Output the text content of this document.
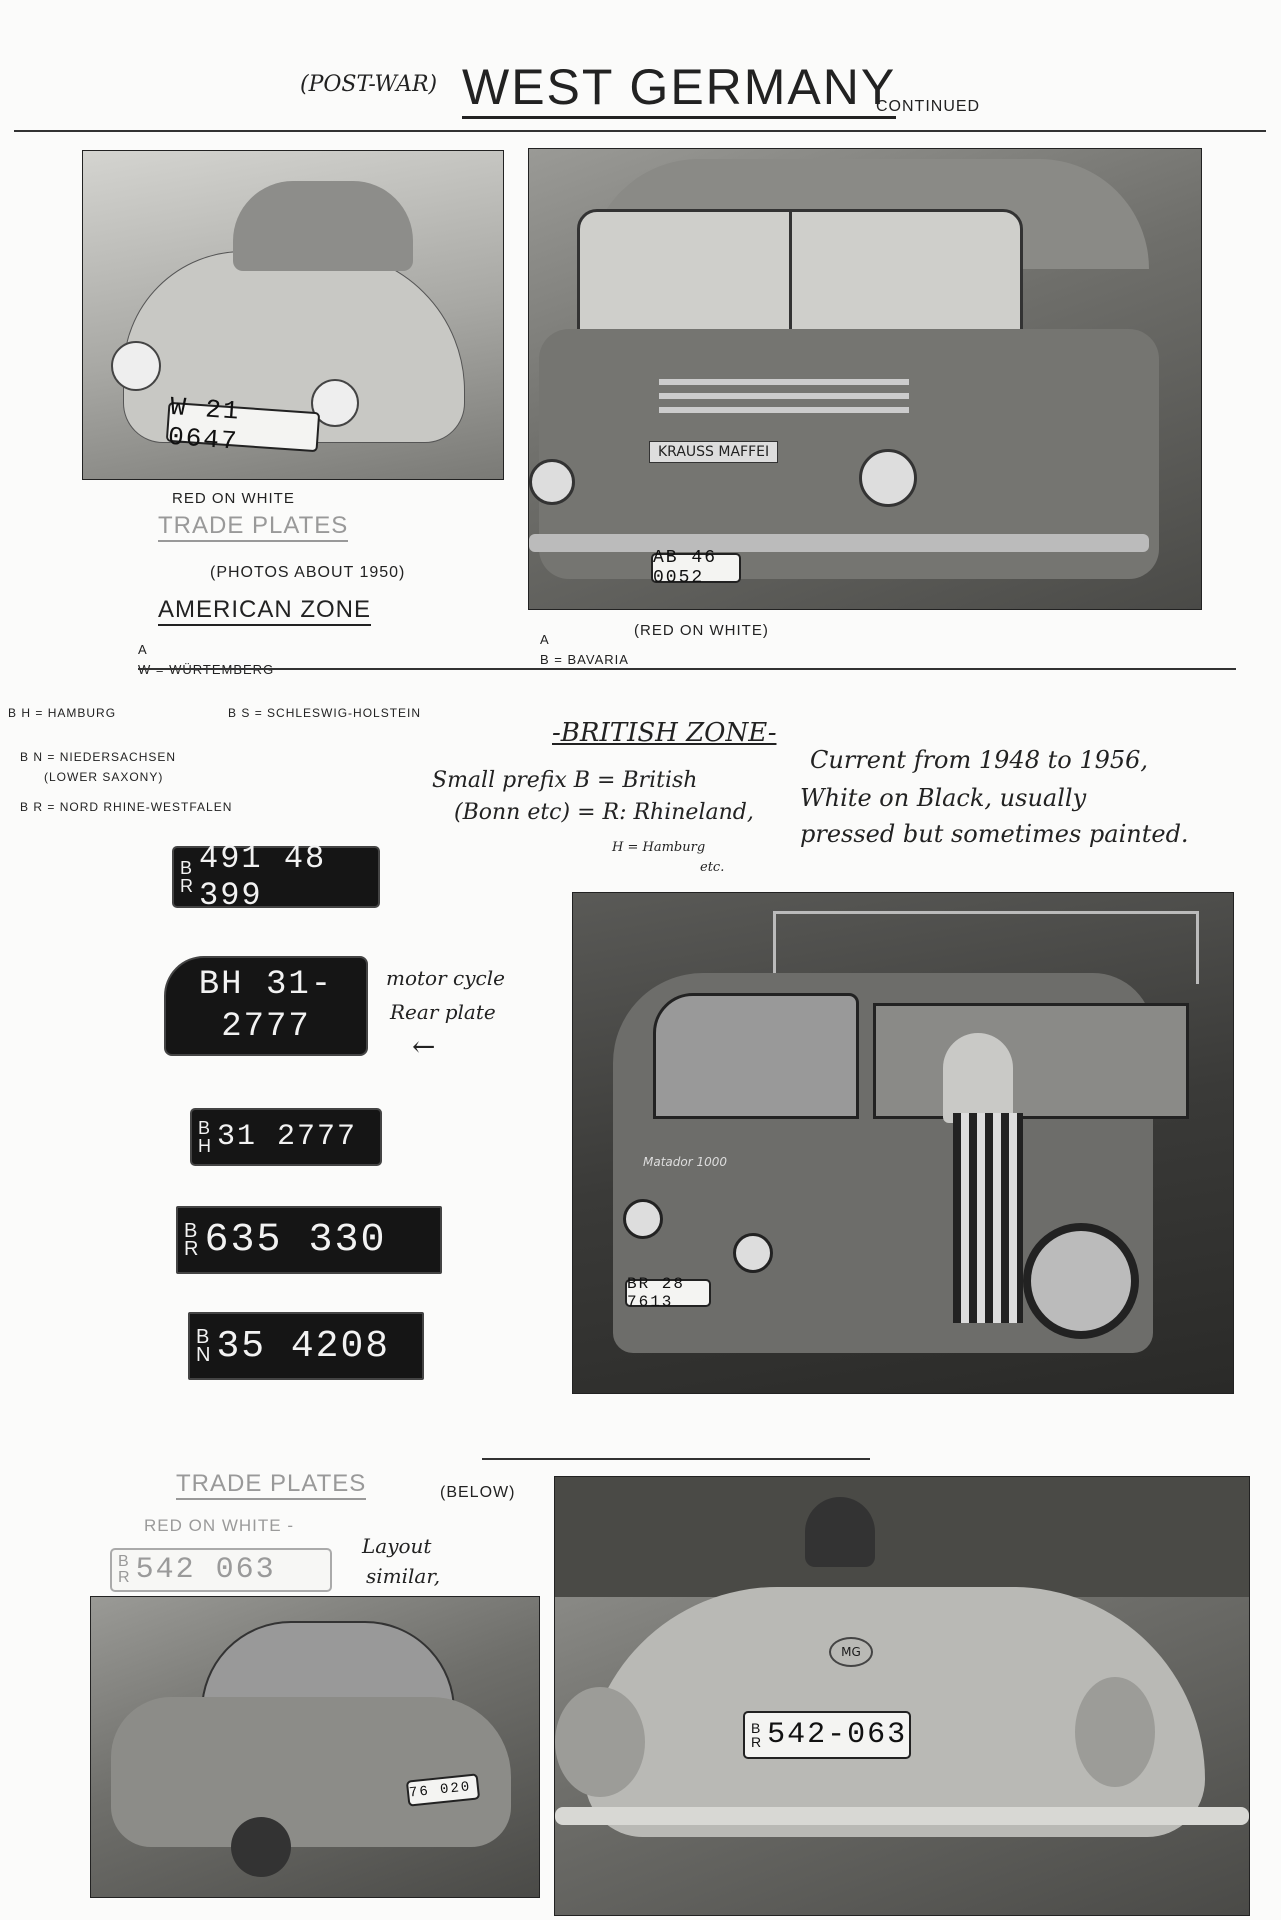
(POST-WAR) WEST GERMANY
CONTINUED
W 21 0647	KRAUSS MAFFEI
AB 46 0052
RED ON WHITE
TRADE PLATES
(PHOTOS ABOUT 1950)
AMERICAN ZONE
(RED ON WHITE)
A

A
B = BAVARIA
B H = HAMBURG	B S = SCHLESWIG-HOLSTEIN
B N = NIEDERSACHSEN
(LOWER SAXONY)
B R = NORD RHINE-WESTFALEN
-BRITISH ZONE-
Small prefix B = British
(Bonn etc) = R: Rhineland,
H = Hamburg
etc.
Current from 1948 to 1956,
White on Black, usually
pressed but sometimes painted.
B
R
491 48 399
BH 31-2777
motor cycle
Rear plate
←
B
H 31 2777
B
R 635 330
B
N 35 4208
Matador 1000
BR 28 7613
TRADE PLATES	(BELOW)
RED ON WHITE -
B
R 542 063
Layout
similar,
76 020
MG
B
R 542-063
